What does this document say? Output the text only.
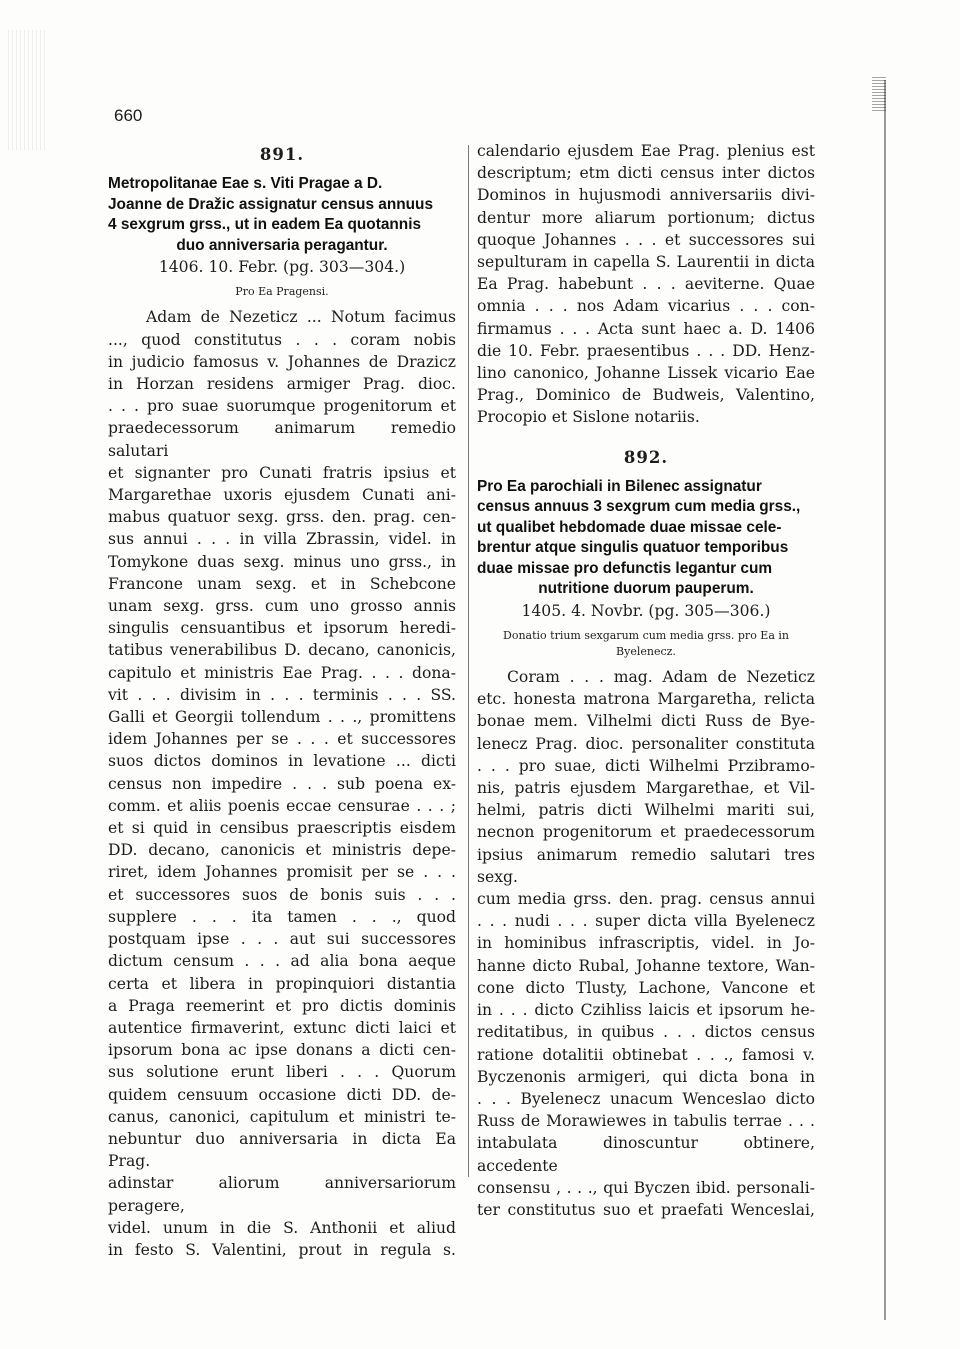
660
891.
Metropolitanae Eae s. Viti Pragae a D.
Joanne de Dražic assignatur census annuus
4 sexgrum grss., ut in eadem Ea quotannis
duo anniversaria peragantur.
1406. 10. Febr. (pg. 303—304.)
Pro Ea Pragensi.
Adam de Nezeticz ... Notum facimus
..., quod constitutus . . . coram nobis
in judicio famosus v. Johannes de Drazicz
in Horzan residens armiger Prag. dioc.
. . . pro suae suorumque progenitorum et
praedecessorum animarum remedio salutari
et signanter pro Cunati fratris ipsius et
Margarethae uxoris ejusdem Cunati ani-
mabus quatuor sexg. grss. den. prag. cen-
sus annui . . . in villa Zbrassin, videl. in
Tomykone duas sexg. minus uno grss., in
Francone unam sexg. et in Schebcone
unam sexg. grss. cum uno grosso annis
singulis censuantibus et ipsorum heredi-
tatibus venerabilibus D. decano, canonicis,
capitulo et ministris Eae Prag. . . . dona-
vit . . . divisim in . . . terminis . . . SS.
Galli et Georgii tollendum . . ., promittens
idem Johannes per se . . . et successores
suos dictos dominos in levatione ... dicti
census non impedire . . . sub poena ex-
comm. et aliis poenis eccae censurae . . . ;
et si quid in censibus praescriptis eisdem
DD. decano, canonicis et ministris depe-
riret, idem Johannes promisit per se . . .
et successores suos de bonis suis . . .
supplere . . . ita tamen . . ., quod
postquam ipse . . . aut sui successores
dictum censum . . . ad alia bona aeque
certa et libera in propinquiori distantia
a Praga reemerint et pro dictis dominis
autentice firmaverint, extunc dicti laici et
ipsorum bona ac ipse donans a dicti cen-
sus solutione erunt liberi . . . Quorum
quidem censuum occasione dicti DD. de-
canus, canonici, capitulum et ministri te-
nebuntur duo anniversaria in dicta Ea Prag.
adinstar aliorum anniversariorum peragere,
videl. unum in die S. Anthonii et aliud
in festo S. Valentini, prout in regula s.
calendario ejusdem Eae Prag. plenius est
descriptum; etm dicti census inter dictos
Dominos in hujusmodi anniversariis divi-
dentur more aliarum portionum; dictus
quoque Johannes . . . et successores sui
sepulturam in capella S. Laurentii in dicta
Ea Prag. habebunt . . . aeviterne. Quae
omnia . . . nos Adam vicarius . . . con-
firmamus . . . Acta sunt haec a. D. 1406
die 10. Febr. praesentibus . . . DD. Henz-
lino canonico, Johanne Lissek vicario Eae
Prag., Dominico de Budweis, Valentino,
Procopio et Sislone notariis.
892.
Pro Ea parochiali in Bilenec assignatur
census annuus 3 sexgrum cum media grss.,
ut qualibet hebdomade duae missae cele-
brentur atque singulis quatuor temporibus
duae missae pro defunctis legantur cum
nutritione duorum pauperum.
1405. 4. Novbr. (pg. 305—306.)
Donatio trium sexgarum cum media grss. pro Ea in
Byelenecz.
Coram . . . mag. Adam de Nezeticz
etc. honesta matrona Margaretha, relicta
bonae mem. Vilhelmi dicti Russ de Bye-
lenecz Prag. dioc. personaliter constituta
. . . pro suae, dicti Wilhelmi Przibramo-
nis, patris ejusdem Margarethae, et Vil-
helmi, patris dicti Wilhelmi mariti sui,
necnon progenitorum et praedecessorum
ipsius animarum remedio salutari tres sexg.
cum media grss. den. prag. census annui
. . . nudi . . . super dicta villa Byelenecz
in hominibus infrascriptis, videl. in Jo-
hanne dicto Rubal, Johanne textore, Wan-
cone dicto Tlusty, Lachone, Vancone et
in . . . dicto Czihliss laicis et ipsorum he-
reditatibus, in quibus . . . dictos census
ratione dotalitii obtinebat . . ., famosi v.
Byczenonis armigeri, qui dicta bona in
. . . Byelenecz unacum Wenceslao dicto
Russ de Morawiewes in tabulis terrae . . .
intabulata dinoscuntur obtinere, accedente
consensu , . . ., qui Byczen ibid. personali-
ter constitutus suo et praefati Wenceslai,
